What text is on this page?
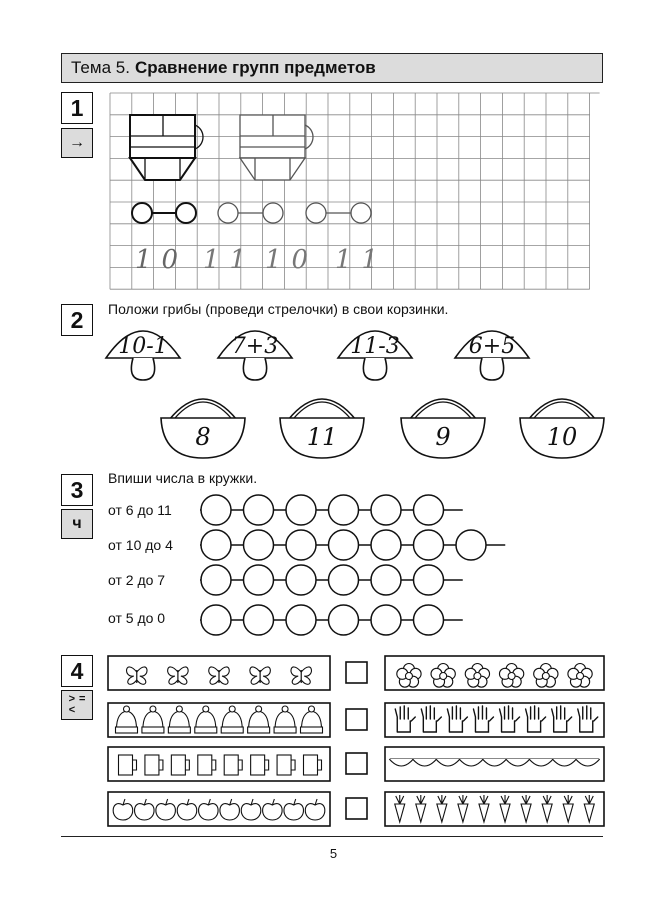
Тема 5. Сравнение групп предметов
1
→
10 11 10 11
2	Положи грибы (проведи стрелочки) в свои корзинки.
10-1	7+3	11-3	6+5
8	11	9	10
3
ч
Впиши числа в кружки.
от 6 до 11
от 10 до 4
от 2 до 7
от 5 до 0
4
> =
<
5
